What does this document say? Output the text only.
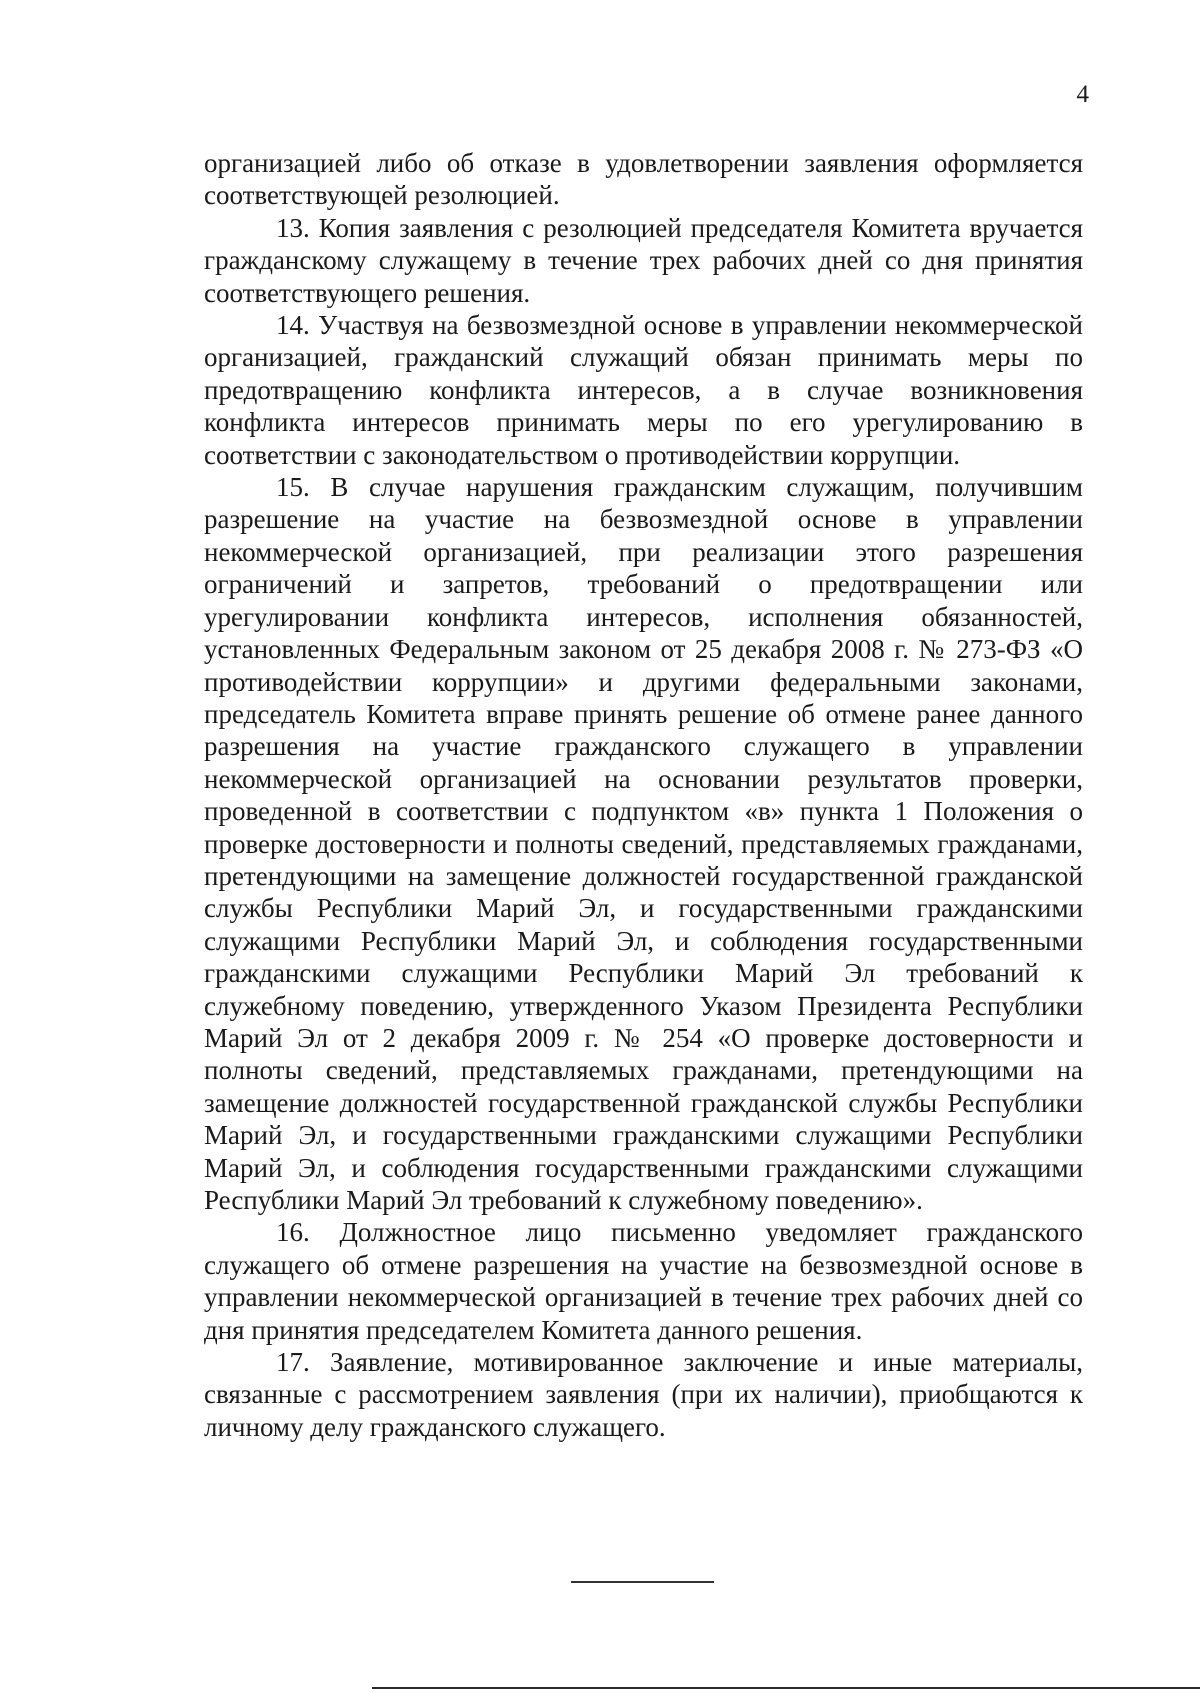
4

организацией либо об отказе в удовлетворении заявления оформляется соответствующей резолюцией.

13. Копия заявления с резолюцией председателя Комитета вручается гражданскому служащему в течение трех рабочих дней со дня принятия соответствующего решения.

14. Участвуя на безвозмездной основе в управлении некоммерческой организацией, гражданский служащий обязан принимать меры по предотвращению конфликта интересов, а в случае возникновения конфликта интересов принимать меры по его урегулированию в соответствии с законодательством о противодействии коррупции.

15. В случае нарушения гражданским служащим, получившим разрешение на участие на безвозмездной основе в управлении некоммерческой организацией, при реализации этого разрешения ограничений и запретов, требований о предотвращении или урегулировании конфликта интересов, исполнения обязанностей, установленных Федеральным законом от 25 декабря 2008 г. № 273-ФЗ «О противодействии коррупции» и другими федеральными законами, председатель Комитета вправе принять решение об отмене ранее данного разрешения на участие гражданского служащего в управлении некоммерческой организацией на основании результатов проверки, проведенной в соответствии с подпунктом «в» пункта 1 Положения о проверке достоверности и полноты сведений, представляемых гражданами, претендующими на замещение должностей государственной гражданской службы Республики Марий Эл, и государственными гражданскими служащими Республики Марий Эл, и соблюдения государственными гражданскими служащими Республики Марий Эл требований к служебному поведению, утвержденного Указом Президента Республики Марий Эл от 2 декабря 2009 г. № 254 «О проверке достоверности и полноты сведений, представляемых гражданами, претендующими на замещение должностей государственной гражданской службы Республики Марий Эл, и государственными гражданскими служащими Республики Марий Эл, и соблюдения государственными гражданскими служащими Республики Марий Эл требований к служебному поведению».

16. Должностное лицо письменно уведомляет гражданского служащего об отмене разрешения на участие на безвозмездной основе в управлении некоммерческой организацией в течение трех рабочих дней со дня принятия председателем Комитета данного решения.

17. Заявление, мотивированное заключение и иные материалы, связанные с рассмотрением заявления (при их наличии), приобщаются к личному делу гражданского служащего.
